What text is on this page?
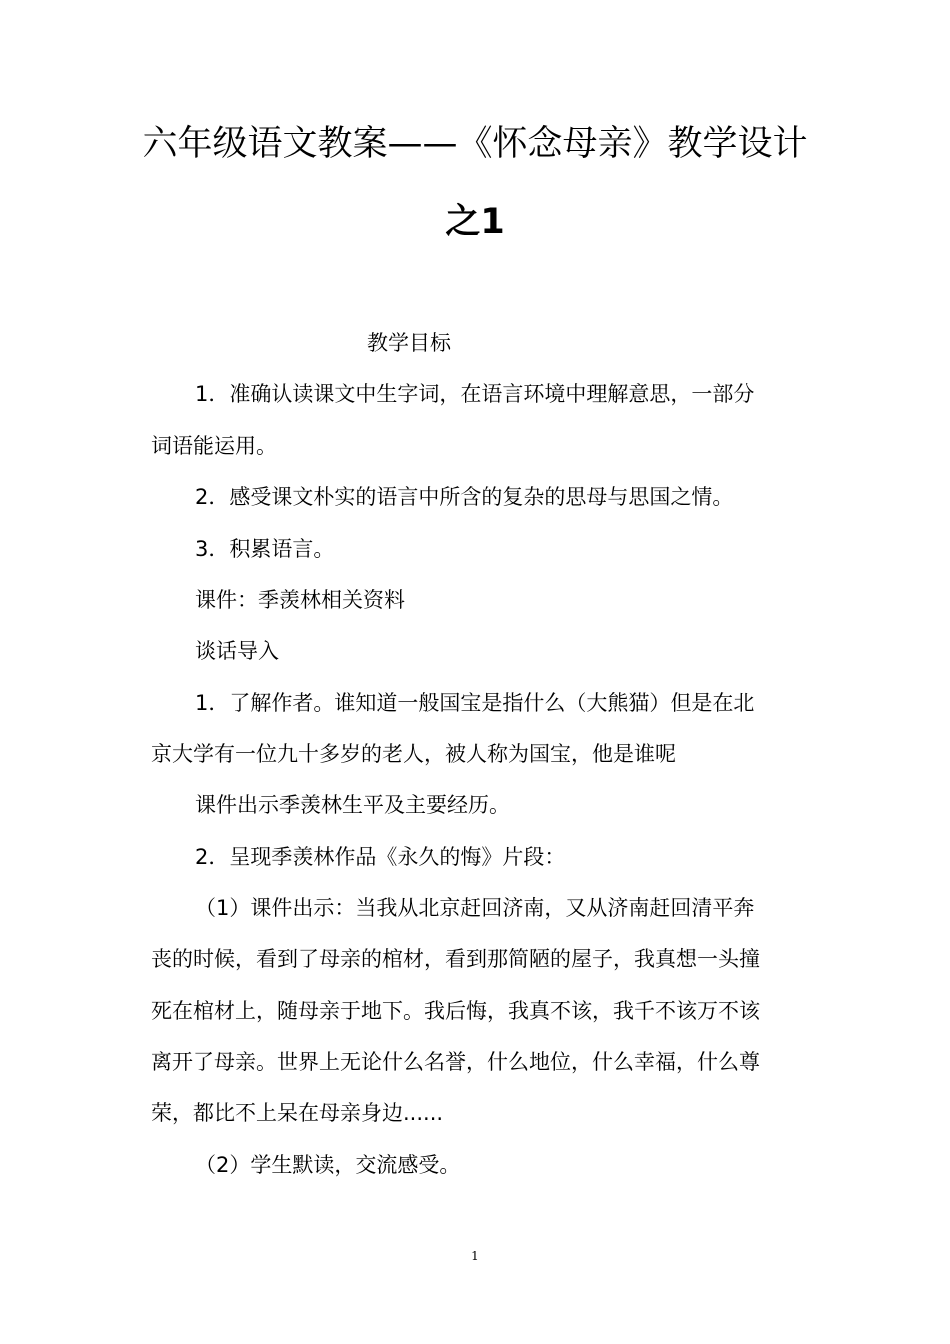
六年级语文教案——《怀念母亲》教学设计
之1

教学目标

1．准确认读课文中生字词，在语言环境中理解意思，一部分

词语能运用。

2．感受课文朴实的语言中所含的复杂的思母与思国之情。

3．积累语言。

课件：季羡林相关资料

谈话导入

1．了解作者。谁知道一般国宝是指什么（大熊猫）但是在北

京大学有一位九十多岁的老人，被人称为国宝，他是谁呢

课件出示季羡林生平及主要经历。

2．呈现季羡林作品《永久的悔》片段：

（1）课件出示：当我从北京赶回济南，又从济南赶回清平奔

丧的时候，看到了母亲的棺材，看到那简陋的屋子，我真想一头撞

死在棺材上，随母亲于地下。我后悔，我真不该，我千不该万不该

离开了母亲。世界上无论什么名誉，什么地位，什么幸福，什么尊

荣，都比不上呆在母亲身边......

（2）学生默读，交流感受。

1
